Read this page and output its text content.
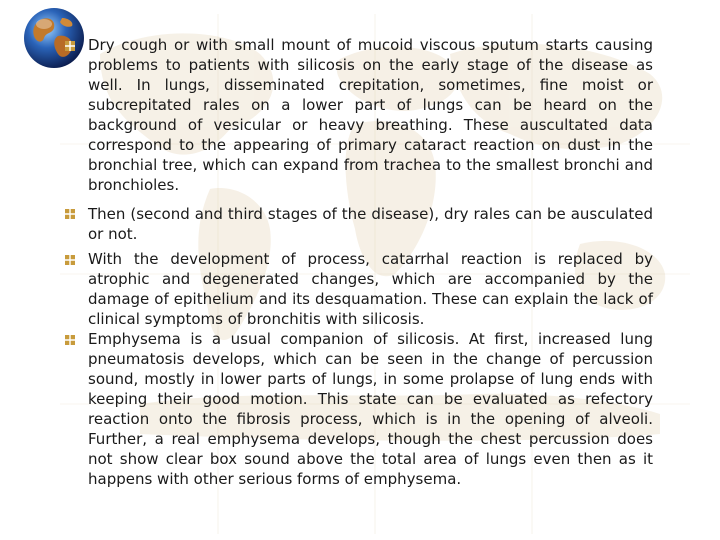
Dry cough or with small mount of mucoid viscous sputum starts causing problems to patients with silicosis on the early stage of the disease as well. In lungs, disseminated crepitation, sometimes, fine moist or subcrepitated rales on a lower part of lungs can be heard on the background of vesicular or heavy breathing. These auscultated data correspond to the appearing of primary cataract reaction on dust in the bronchial tree, which can expand from trachea to the smallest bronchi and bronchioles.
Then (second and third stages of the disease), dry rales can be ausculated or not.
With the development of process, catarrhal reaction is replaced by atrophic and degenerated changes, which are accompanied by the damage of epithelium and its desquamation. These can explain the lack of clinical symptoms of bronchitis with silicosis.
Emphysema is a usual companion of silicosis. At first, increased lung pneumatosis develops, which can be seen in the change of percussion sound, mostly in lower parts of lungs, in some prolapse of lung ends with keeping their good motion. This state can be evaluated as refectory reaction onto the fibrosis process, which is in the opening of alveoli. Further, a real emphysema develops, though the chest percussion does not show clear box sound above the total area of lungs even then as it happens with other serious forms of emphysema.
